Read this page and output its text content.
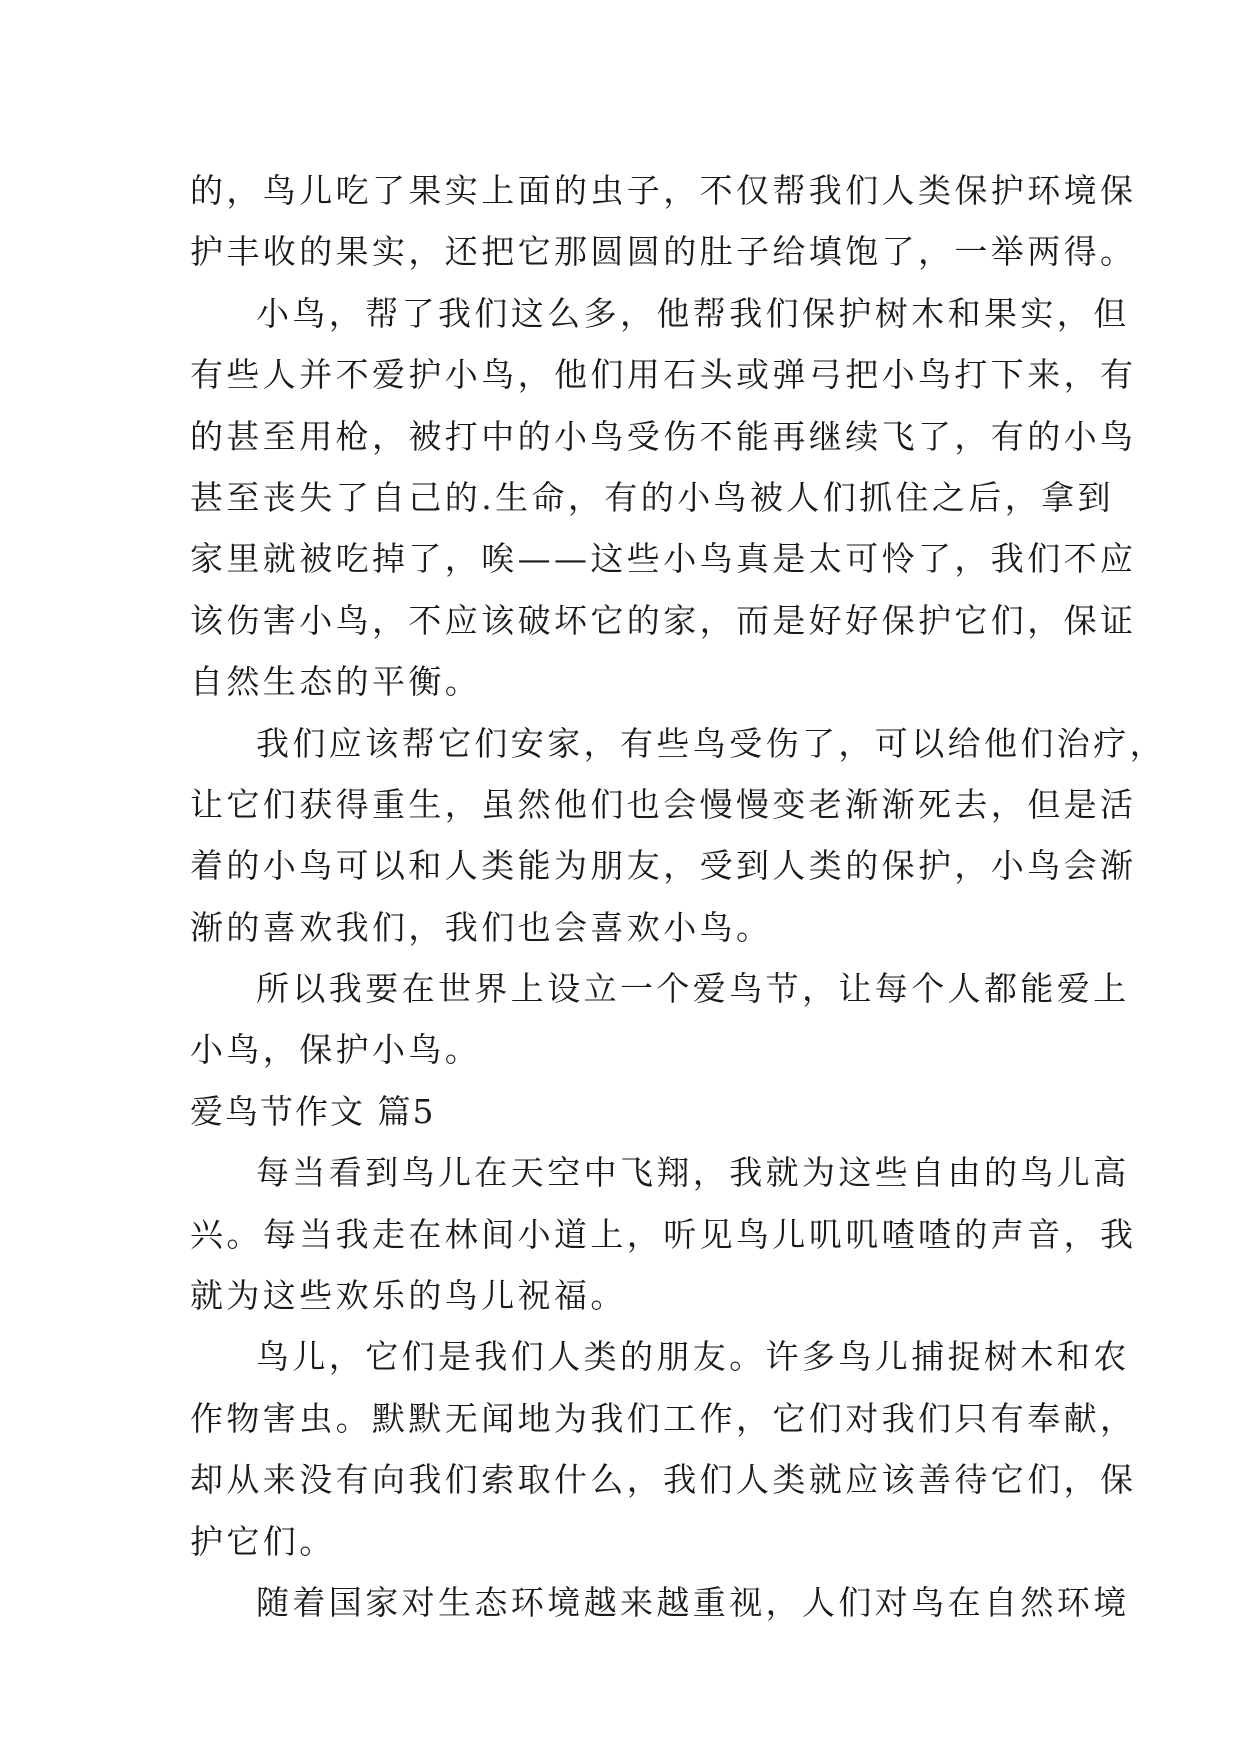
的，鸟儿吃了果实上面的虫子，不仅帮我们人类保护环境保
护丰收的果实，还把它那圆圆的肚子给填饱了，一举两得。
小鸟，帮了我们这么多，他帮我们保护树木和果实，但
有些人并不爱护小鸟，他们用石头或弹弓把小鸟打下来，有
的甚至用枪，被打中的小鸟受伤不能再继续飞了，有的小鸟
甚至丧失了自己的.生命，有的小鸟被人们抓住之后，拿到
家里就被吃掉了，唉——这些小鸟真是太可怜了，我们不应
该伤害小鸟，不应该破坏它的家，而是好好保护它们，保证
自然生态的平衡。
我们应该帮它们安家，有些鸟受伤了，可以给他们治疗，
让它们获得重生，虽然他们也会慢慢变老渐渐死去，但是活
着的小鸟可以和人类能为朋友，受到人类的保护，小鸟会渐
渐的喜欢我们，我们也会喜欢小鸟。
所以我要在世界上设立一个爱鸟节，让每个人都能爱上
小鸟，保护小鸟。
爱鸟节作文 篇5
每当看到鸟儿在天空中飞翔，我就为这些自由的鸟儿高
兴。每当我走在林间小道上，听见鸟儿叽叽喳喳的声音，我
就为这些欢乐的鸟儿祝福。
鸟儿，它们是我们人类的朋友。许多鸟儿捕捉树木和农
作物害虫。默默无闻地为我们工作，它们对我们只有奉献，
却从来没有向我们索取什么，我们人类就应该善待它们，保
护它们。
随着国家对生态环境越来越重视，人们对鸟在自然环境
